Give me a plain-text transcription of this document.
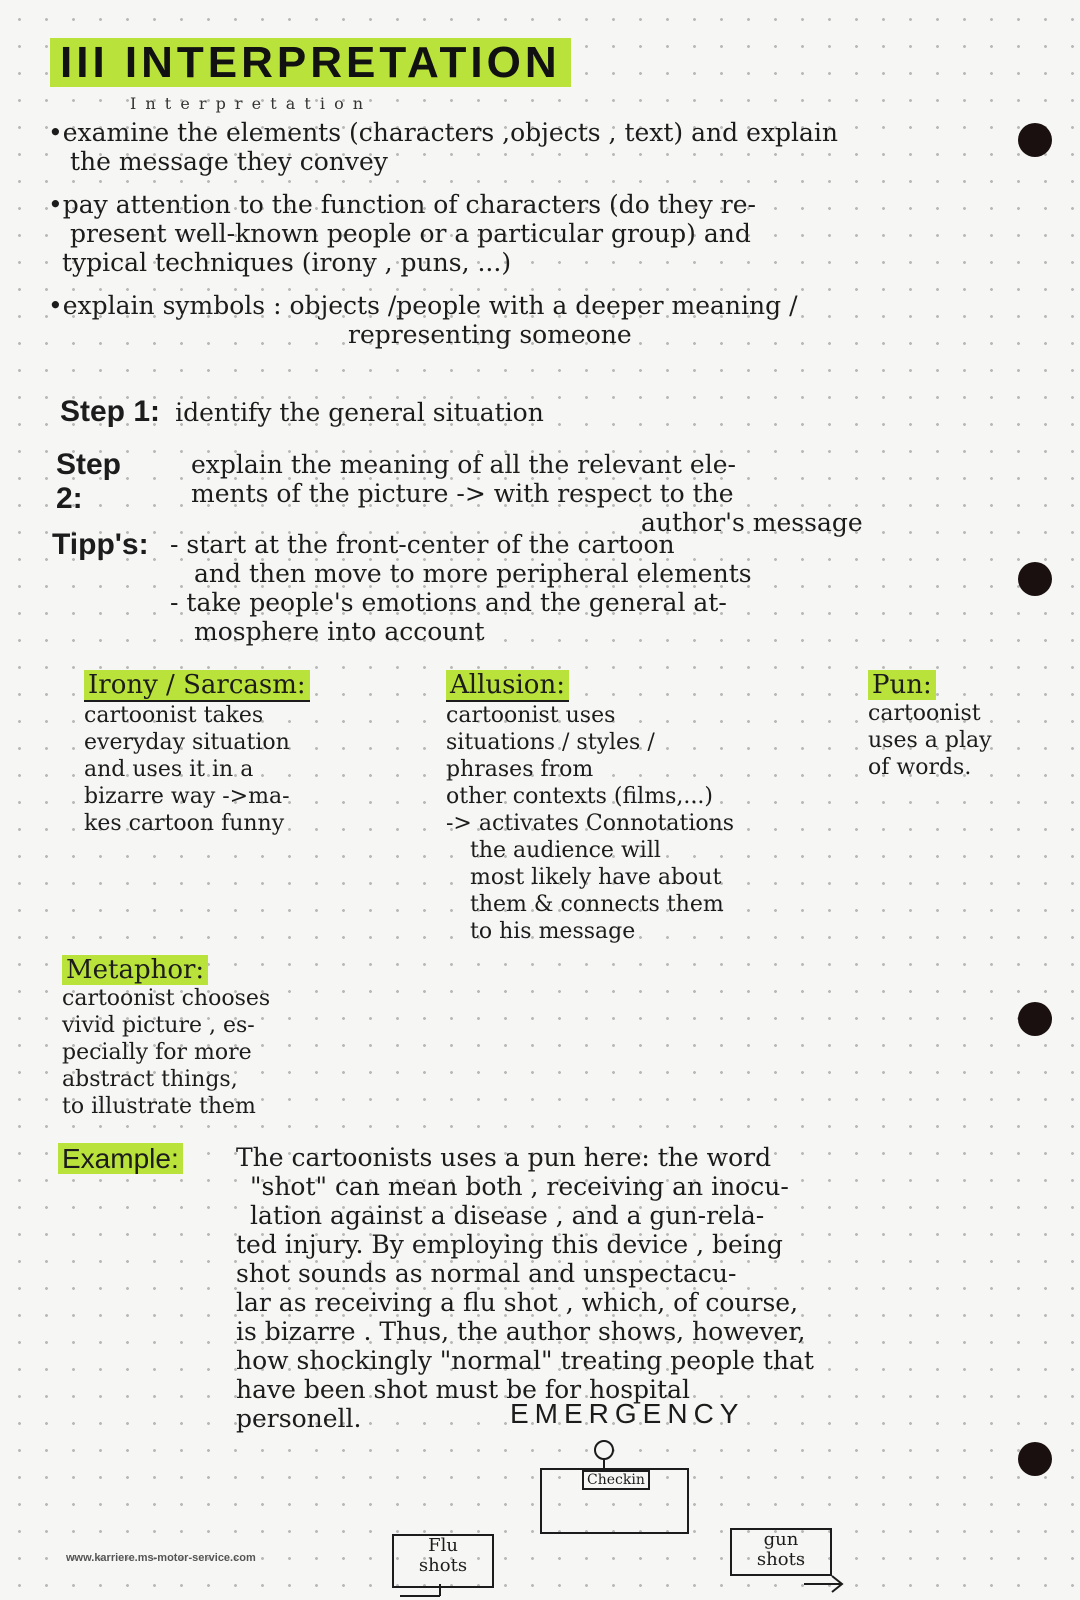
III INTERPRETATION
I n t e r p r e t a t i o n
•examine the elements (characters ,objects , text) and explain
the message they convey
•pay attention to the function of characters (do they re-
present well-known people or a particular group) and
typical techniques (irony , puns, ...)
•explain symbols : objects /people with a deeper meaning /
representing someone
Step 1: identify the general situation
Step 2:
explain the meaning of all the relevant ele-
ments of the picture -> with respect to the
author's message
Tipp's: - start at the front-center of the cartoon
and then move to more peripheral elements
- take people's emotions and the general at-
mosphere into account
Irony / Sarcasm:
cartoonist takes
everyday situation
and uses it in a
bizarre way ->ma-
kes cartoon funny
Allusion:
cartoonist uses
situations / styles /
phrases from
other contexts (films,...)
-> activates Connotations
the audience will
most likely have about
them & connects them
to his message
Pun:
cartoonist
uses a play
of words.
Metaphor:
cartoonist chooses
vivid picture , es-
pecially for more
abstract things,
to illustrate them
Example: The cartoonists uses a pun here: the word
"shot" can mean both , receiving an inocu-
lation against a disease , and a gun-rela-
ted injury. By employing this device , being
shot sounds as normal and unspectacu-
lar as receiving a flu shot , which, of course,
is bizarre . Thus, the author shows, however,
how shockingly "normal" treating people that
have been shot must be for hospital
personell.	EMERGENCY
Checkin
Flu
shots
gun
shots
www.karriere.ms-motor-service.com
